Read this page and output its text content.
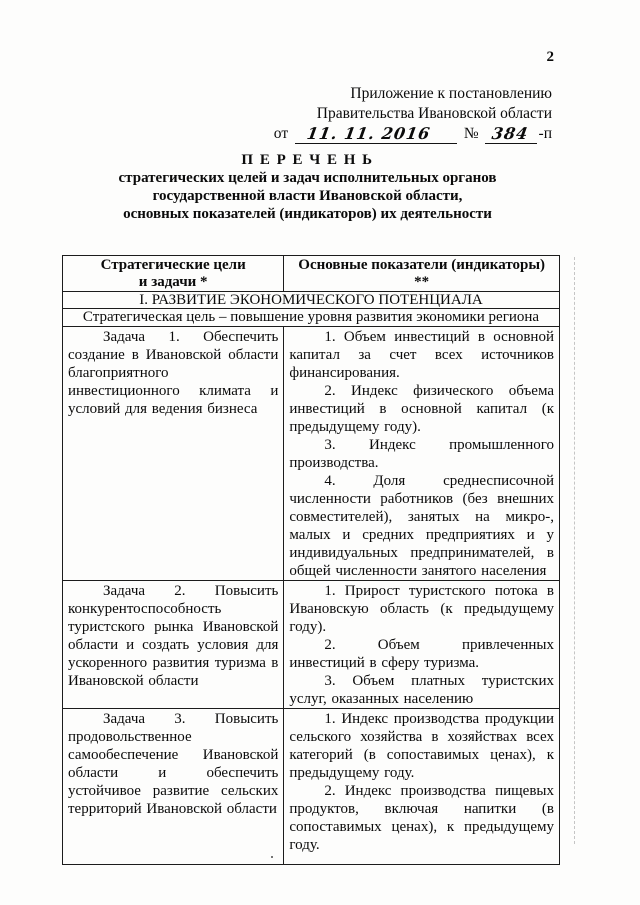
2
Приложение к постановлению
Правительства Ивановской области
от 11. 11. 2016 № 384 -п
П Е Р Е Ч Е Н Ь
стратегических целей и задач исполнительных органов
государственной власти Ивановской области,
основных показателей (индикаторов) их деятельности
Стратегические цели
и задачи *	Основные показатели (индикаторы) **
I. РАЗВИТИЕ ЭКОНОМИЧЕСКОГО ПОТЕНЦИАЛА	
Стратегическая цель – повышение уровня развития экономики региона	

Задача 1. Обеспечить создание в Ивановской области благоприятного инвестиционного климата и условий для ведения бизнеса	1. Объем инвестиций в основной капитал за счет всех источников финансирования.

2. Индекс физического объема инвестиций в основной капитал (к предыдущему году).

3. Индекс промышленного производства.

4. Доля среднесписочной численности работников (без внешних совместителей), занятых на микро-, малых и средних предприятиях и у индивидуальных предпринимателей, в общей численности занятого населения

Задача 2. Повысить конкурентоспособность туристского рынка Ивановской области и создать условия для ускоренного развития туризма в Ивановской области	1. Прирост туристского потока в Ивановскую область (к предыдущему году).

2. Объем привлеченных инвестиций в сферу туризма.

3. Объем платных туристских услуг, оказанных населению

Задача 3. Повысить продовольственное самообеспечение Ивановской области и обеспечить устойчивое развитие сельских территорий Ивановской области	1. Индекс производства продукции сельского хозяйства в хозяйствах всех категорий (в сопоставимых ценах), к предыдущему году.

2. Индекс производства пищевых продуктов, включая напитки (в сопоставимых ценах), к предыдущему году.
